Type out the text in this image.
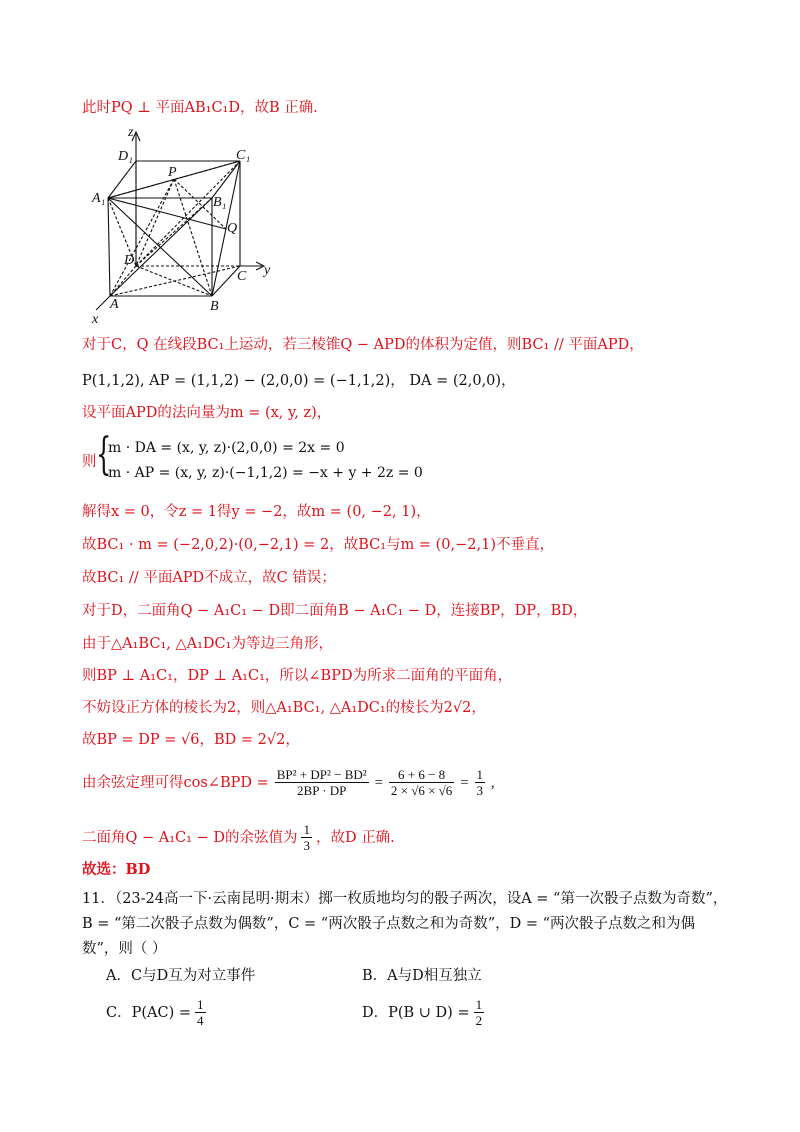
此时PQ ⊥ 平面AB₁C₁D，故B 正确.
z
D₁	C₁
P
A₁	B₁
Q
D
C y
A	B
x
对于C，Q 在线段BC₁上运动，若三棱锥Q − APD的体积为定值，则BC₁ // 平面APD，
P(1,1,2), AP = (1,1,2) − (2,0,0) = (−1,1,2)， DA = (2,0,0)，
设平面APD的法向量为m = (x, y, z)，
则 {
m · DA = (x, y, z)·(2,0,0) = 2x = 0
m · AP = (x, y, z)·(−1,1,2) = −x + y + 2z = 0
解得x = 0，令z = 1得y = −2，故m = (0, −2, 1)，
故BC₁ · m = (−2,0,2)·(0,−2,1) = 2，故BC₁与m = (0,−2,1)不垂直，
故BC₁ // 平面APD不成立，故C 错误；
对于D，二面角Q − A₁C₁ − D即二面角B − A₁C₁ − D，连接BP，DP，BD，
由于△A₁BC₁, △A₁DC₁为等边三角形，
则BP ⊥ A₁C₁，DP ⊥ A₁C₁，所以∠BPD为所求二面角的平面角，
不妨设正方体的棱长为2，则△A₁BC₁, △A₁DC₁的棱长为2√2，
故BP = DP = √6，BD = 2√2，
由余弦定理可得cos∠BPD = $\frac{\text{BP² + DP² − BD²}}{2BP \cdot DP} = \frac{6 + 6 - 8}{2 \times √6 \times √6} = \frac{1}{3}$ ,
二面角Q − A₁C₁ − D的余弦值为 $\frac{1}{3}$ ，故D 正确.
故选：BD
11．（23-24高一下·云南昆明·期末）掷一枚质地均匀的骰子两次，设A = “第一次骰子点数为奇数”，
B = “第二次骰子点数为偶数”，C = “两次骰子点数之和为奇数”，D = “两次骰子点数之和为偶
数”，则（ ）
A．C与D互为对立事件	B．A与D相互独立
C．$P(AC) = \frac{1}{4}$	D．P(B ∪ $D) = \frac{1}{2}$
